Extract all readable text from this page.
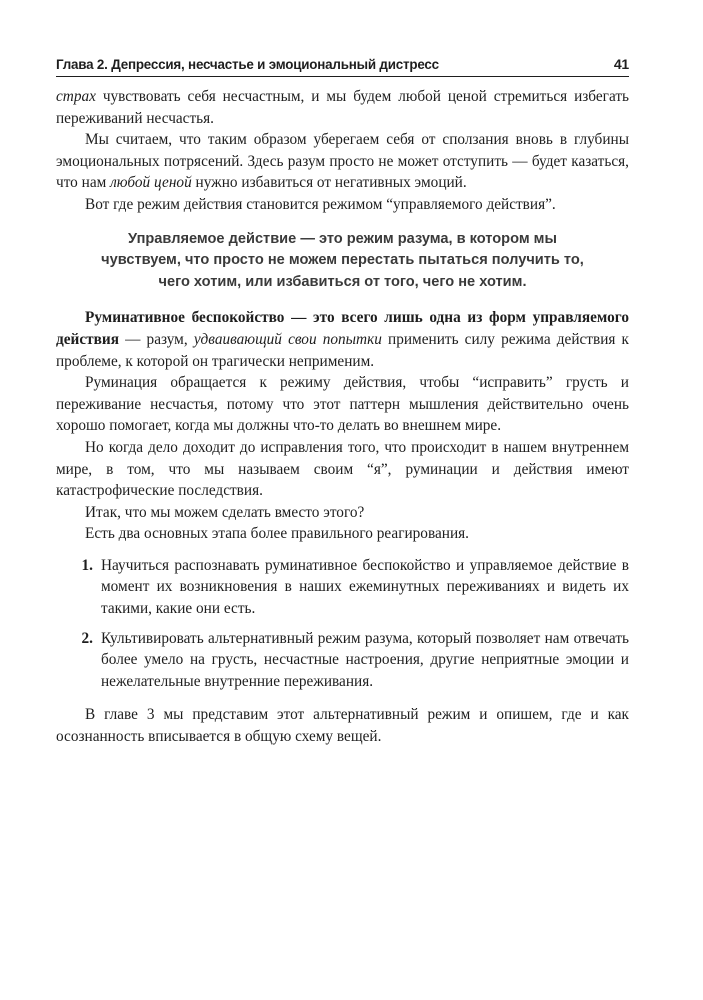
Глава 2. Депрессия, несчастье и эмоциональный дистресс	41

страх чувствовать себя несчастным, и мы будем любой ценой стремиться избегать переживаний несчастья.

Мы считаем, что таким образом уберегаем себя от сползания вновь в глубины эмоциональных потрясений. Здесь разум просто не может отступить — будет казаться, что нам любой ценой нужно избавиться от негативных эмоций.

Вот где режим действия становится режимом “управляемого действия”.

Управляемое действие — это режим разума, в котором мы
чувствуем, что просто не можем перестать пытаться получить то,
чего хотим, или избавиться от того, чего не хотим.

Руминативное беспокойство — это всего лишь одна из форм управляемого действия — разум, удваивающий свои попытки применить силу режима действия к проблеме, к которой он трагически неприменим.

Руминация обращается к режиму действия, чтобы “исправить” грусть и переживание несчастья, потому что этот паттерн мышления действительно очень хорошо помогает, когда мы должны что-то делать во внешнем мире.

Но когда дело доходит до исправления того, что происходит в нашем внутреннем мире, в том, что мы называем своим “я”, руминации и действия имеют катастрофические последствия.

Итак, что мы можем сделать вместо этого?

Есть два основных этапа более правильного реагирования.

1. Научиться распознавать руминативное беспокойство и управляемое действие в момент их возникновения в наших ежеминутных переживаниях и видеть их такими, какие они есть.
2. Культивировать альтернативный режим разума, который позволяет нам отвечать более умело на грусть, несчастные настроения, другие неприятные эмоции и нежелательные внутренние переживания.

В главе 3 мы представим этот альтернативный режим и опишем, где и как осознанность вписывается в общую схему вещей.
